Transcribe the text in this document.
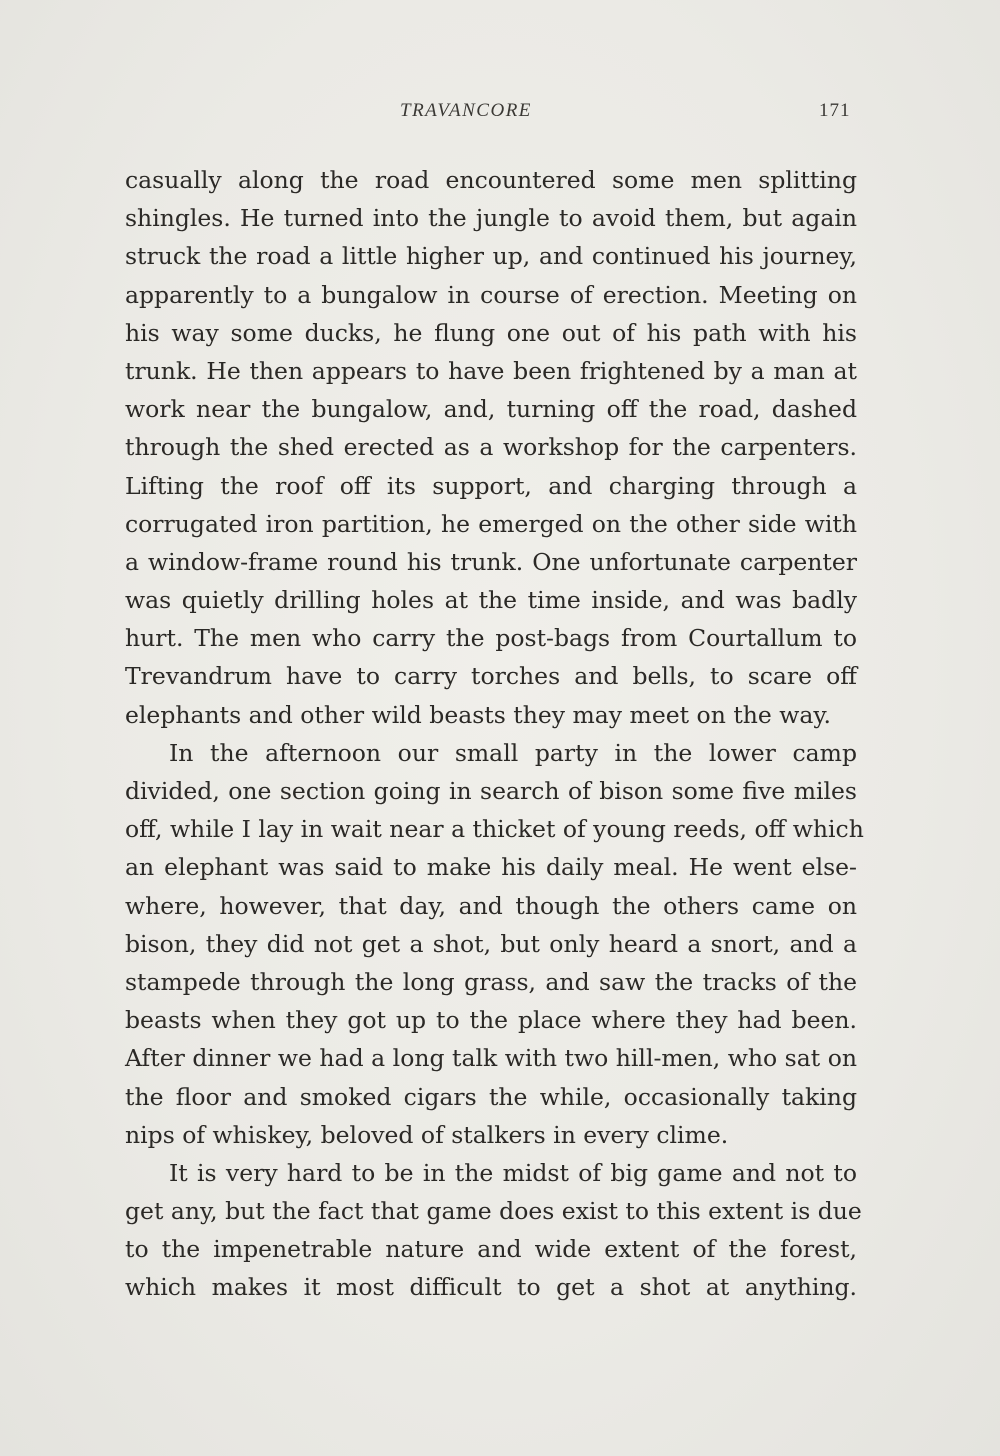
TRAVANCORE	171
casually along the road encountered some men splitting
shingles. He turned into the jungle to avoid them, but again
struck the road a little higher up, and continued his journey,
apparently to a bungalow in course of erection. Meeting on
his way some ducks, he flung one out of his path with his
trunk. He then appears to have been frightened by a man at
work near the bungalow, and, turning off the road, dashed
through the shed erected as a workshop for the carpenters.
Lifting the roof off its support, and charging through a
corrugated iron partition, he emerged on the other side with
a window-frame round his trunk. One unfortunate carpenter
was quietly drilling holes at the time inside, and was badly
hurt. The men who carry the post-bags from Courtallum to
Trevandrum have to carry torches and bells, to scare off
elephants and other wild beasts they may meet on the way.
In the afternoon our small party in the lower camp
divided, one section going in search of bison some five miles
off, while I lay in wait near a thicket of young reeds, off which
an elephant was said to make his daily meal. He went else-
where, however, that day, and though the others came on
bison, they did not get a shot, but only heard a snort, and a
stampede through the long grass, and saw the tracks of the
beasts when they got up to the place where they had been.
After dinner we had a long talk with two hill-men, who sat on
the floor and smoked cigars the while, occasionally taking
nips of whiskey, beloved of stalkers in every clime.
It is very hard to be in the midst of big game and not to
get any, but the fact that game does exist to this extent is due
to the impenetrable nature and wide extent of the forest,
which makes it most difficult to get a shot at anything.
